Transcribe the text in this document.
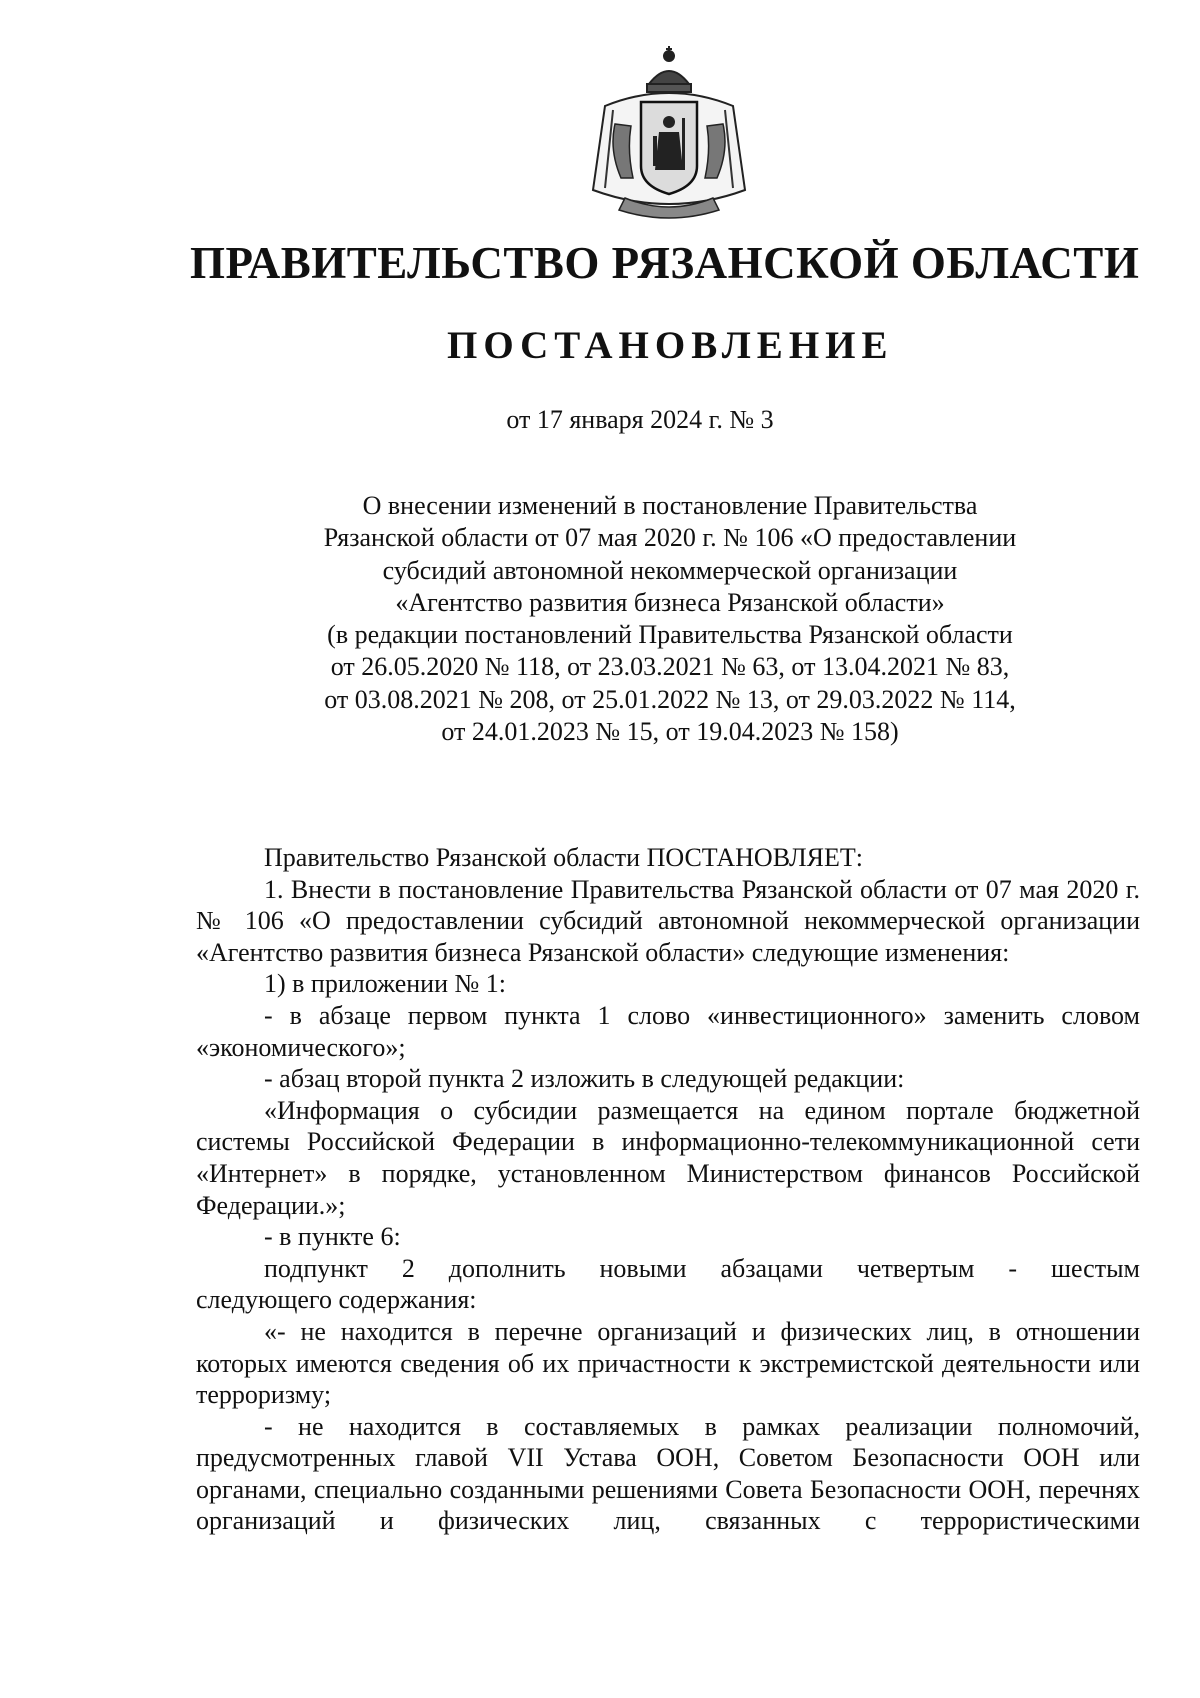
ПРАВИТЕЛЬСТВО РЯЗАНСКОЙ ОБЛАСТИ
ПОСТАНОВЛЕНИЕ
от 17 января 2024 г. № 3
О внесении изменений в постановление Правительства
Рязанской области от 07 мая 2020 г. № 106 «О предоставлении
субсидий автономной некоммерческой организации
«Агентство развития бизнеса Рязанской области»
(в редакции постановлений Правительства Рязанской области
от 26.05.2020 № 118, от 23.03.2021 № 63, от 13.04.2021 № 83,
от 03.08.2021 № 208, от 25.01.2022 № 13, от 29.03.2022 № 114,
от 24.01.2023 № 15, от 19.04.2023 № 158)
Правительство Рязанской области ПОСТАНОВЛЯЕТ:
1. Внести в постановление Правительства Рязанской области от 07 мая 2020 г. № 106 «О предоставлении субсидий автономной некоммерческой организации «Агентство развития бизнеса Рязанской области» следующие изменения:
1) в приложении № 1:
- в абзаце первом пункта 1 слово «инвестиционного» заменить словом «экономического»;
- абзац второй пункта 2 изложить в следующей редакции:
«Информация о субсидии размещается на едином портале бюджетной системы Российской Федерации в информационно-телекоммуникационной сети «Интернет» в порядке, установленном Министерством финансов Российской Федерации.»;
- в пункте 6:
подпункт 2 дополнить новыми абзацами четвертым - шестым
следующего содержания:
«- не находится в перечне организаций и физических лиц, в отношении которых имеются сведения об их причастности к экстремистской деятельности или терроризму;
- не находится в составляемых в рамках реализации полномочий, предусмотренных главой VII Устава ООН, Советом Безопасности ООН или органами, специально созданными решениями Совета Безопасности ООН, перечнях организаций и физических лиц, связанных с террористическими
